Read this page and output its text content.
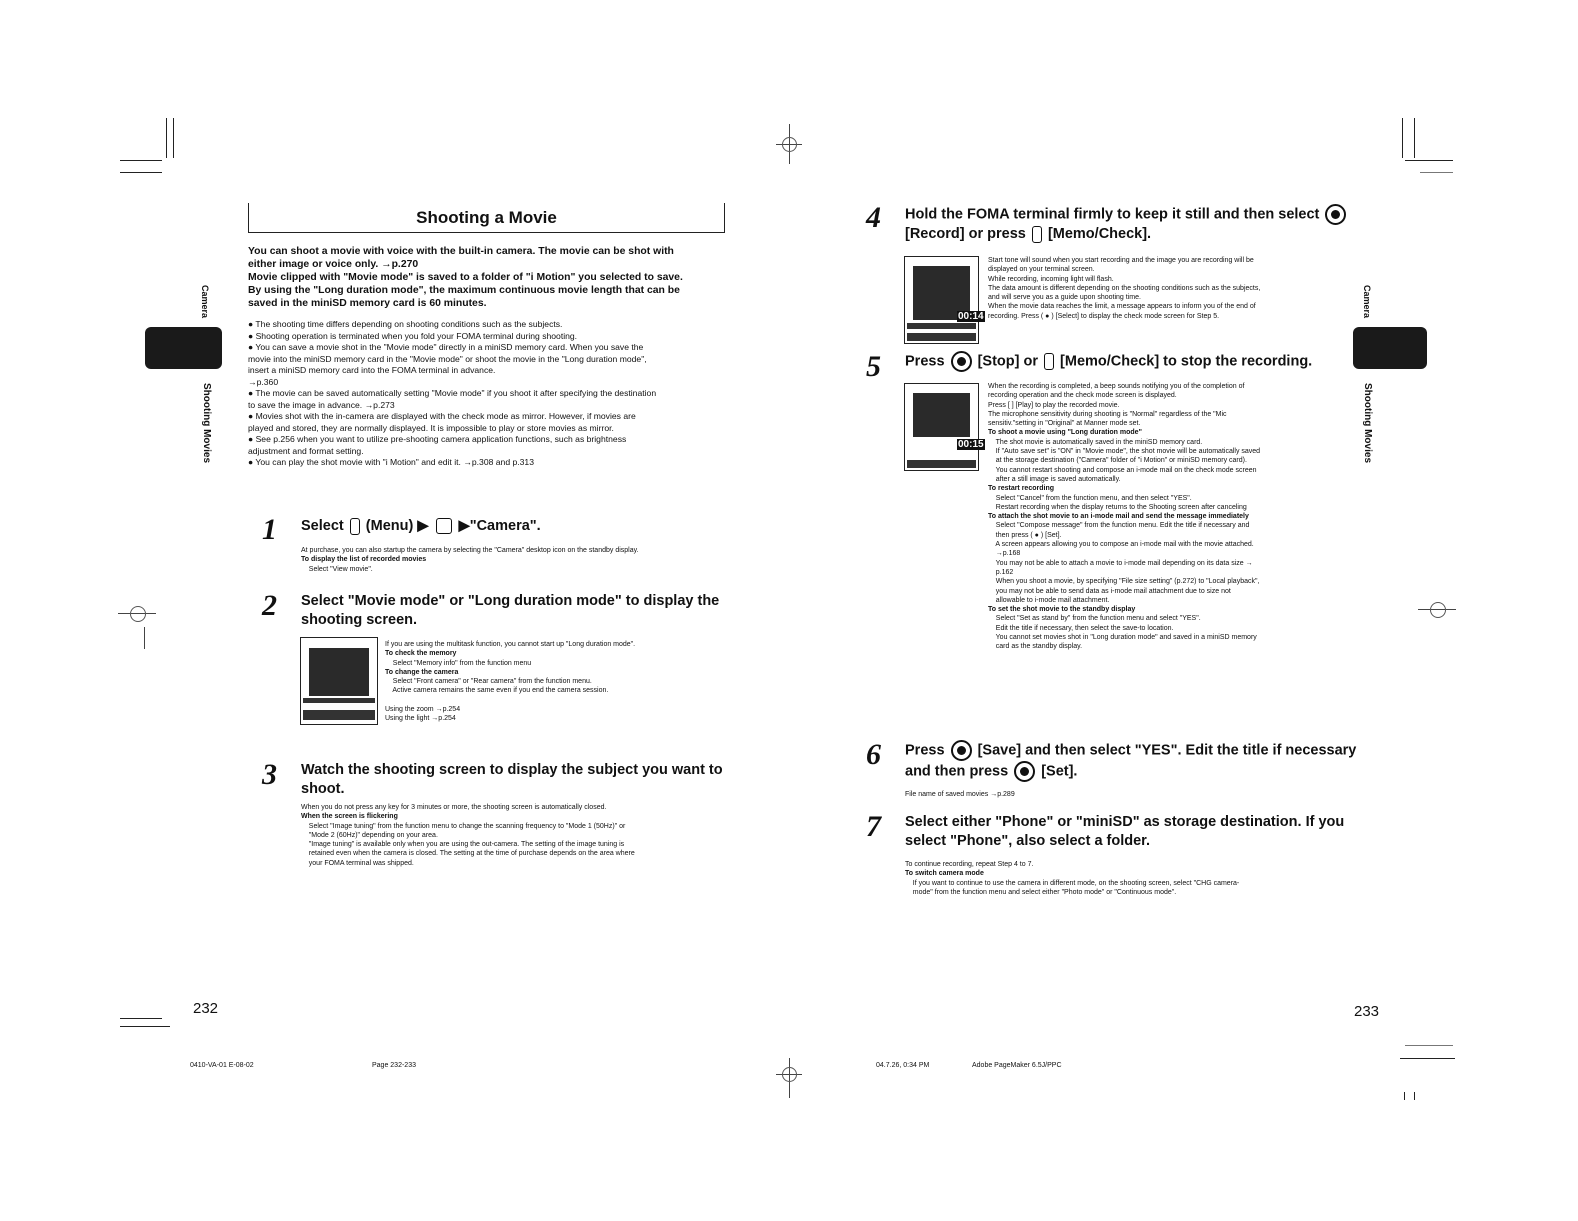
Camera
Shooting Movies
Shooting a Movie
You can shoot a movie with voice with the built-in camera. The movie can be shot with
either image or voice only. →p.270
Movie clipped with "Movie mode" is saved to a folder of "i Motion" you selected to save.
By using the "Long duration mode", the maximum continuous movie length that can be
saved in the miniSD memory card is 60 minutes.
● The shooting time differs depending on shooting conditions such as the subjects.
● Shooting operation is terminated when you fold your FOMA terminal during shooting.
● You can save a movie shot in the "Movie mode" directly in a miniSD memory card. When you save the
movie into the miniSD memory card in the "Movie mode" or shoot the movie in the "Long duration mode",
insert a miniSD memory card into the FOMA terminal in advance.
→p.360
● The movie can be saved automatically setting "Movie mode" if you shoot it after specifying the destination
to save the image in advance. →p.273
● Movies shot with the in-camera are displayed with the check mode as mirror. However, if movies are
played and stored, they are normally displayed. It is impossible to play or store movies as mirror.
● See p.256 when you want to utilize pre-shooting camera application functions, such as brightness
adjustment and format setting.
● You can play the shot movie with "i Motion" and edit it. →p.308 and p.313
1 Select (Menu) ▶ ▶"Camera".
At purchase, you can also startup the camera by selecting the "Camera" desktop icon on the standby display.
To display the list of recorded movies
Select "View movie".
2 Select "Movie mode" or "Long duration mode" to display the
shooting screen.
If you are using the multitask function, you cannot start up "Long duration mode".
To check the memory
Select "Memory info" from the function menu
To change the camera
Select "Front camera" or "Rear camera" from the function menu.
Active camera remains the same even if you end the camera session.

Using the zoom →p.254
Using the light →p.254
3 Watch the shooting screen to display the subject you want to
shoot.
When you do not press any key for 3 minutes or more, the shooting screen is automatically closed.
When the screen is flickering
Select "Image tuning" from the function menu to change the scanning frequency to "Mode 1 (50Hz)" or
"Mode 2 (60Hz)" depending on your area.
"Image tuning" is available only when you are using the out-camera. The setting of the image tuning is
retained even when the camera is closed. The setting at the time of purchase depends on the area where
your FOMA terminal was shipped.
232
0410-VA-01 E-08-02	Page 232-233
Camera
Shooting Movies
4 Hold the FOMA terminal firmly to keep it still and then select
[Record] or press [Memo/Check].
00:14
Start tone will sound when you start recording and the image you are recording will be
displayed on your terminal screen.
While recording, incoming light will flash.
The data amount is different depending on the shooting conditions such as the subjects,
and will serve you as a guide upon shooting time.
When the movie data reaches the limit, a message appears to inform you of the end of
recording. Press ( ● ) [Select] to display the check mode screen for Step 5.
5 Press [Stop] or [Memo/Check] to stop the recording.
00:15
When the recording is completed, a beep sounds notifying you of the completion of
recording operation and the check mode screen is displayed.
Press [ ] [Play] to play the recorded movie.
The microphone sensitivity during shooting is "Normal" regardless of the "Mic
sensitiv."setting in "Original" at Manner mode set.
To shoot a movie using "Long duration mode"
The shot movie is automatically saved in the miniSD memory card.
If "Auto save set" is "ON" in "Movie mode", the shot movie will be automatically saved
at the storage destination ("Camera" folder of "i Motion" or miniSD memory card).
You cannot restart shooting and compose an i-mode mail on the check mode screen
after a still image is saved automatically.
To restart recording
Select "Cancel" from the function menu, and then select "YES".
Restart recording when the display returns to the Shooting screen after canceling
To attach the shot movie to an i-mode mail and send the message immediately
Select "Compose message" from the function menu. Edit the title if necessary and
then press ( ● ) [Set].
A screen appears allowing you to compose an i-mode mail with the movie attached.
→p.168
You may not be able to attach a movie to i-mode mail depending on its data size →
p.162
When you shoot a movie, by specifying "File size setting" (p.272) to "Local playback",
you may not be able to send data as i-mode mail attachment due to size not
allowable to i-mode mail attachment.
To set the shot movie to the standby display
Select "Set as stand by" from the function menu and select "YES".
Edit the title if necessary, then select the save-to location.
You cannot set movies shot in "Long duration mode" and saved in a miniSD memory
card as the standby display.
6 Press [Save] and then select "YES". Edit the title if necessary
and then press [Set].
File name of saved movies →p.289
7 Select either "Phone" or "miniSD" as storage destination. If you
select "Phone", also select a folder.
To continue recording, repeat Step 4 to 7.
To switch camera mode
If you want to continue to use the camera in different mode, on the shooting screen, select "CHG camera-
mode" from the function menu and select either "Photo mode" or "Continuous mode".
233
04.7.26, 0:34 PM	Adobe PageMaker 6.5J/PPC
